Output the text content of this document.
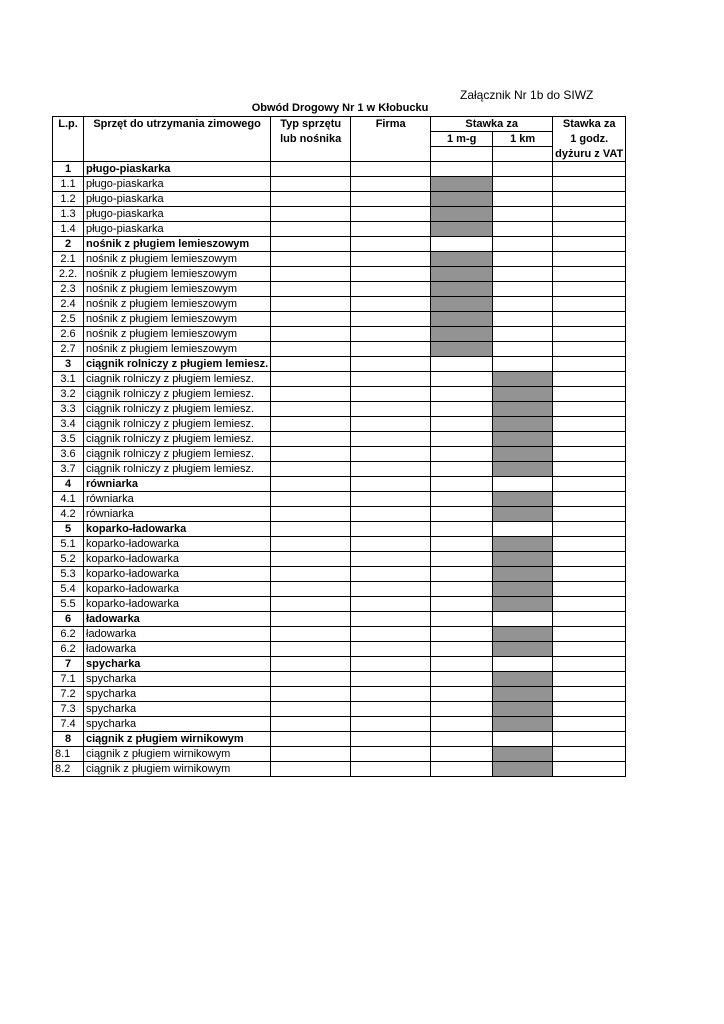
Załącznik Nr 1b do SIWZ
Obwód Drogowy Nr 1 w Kłobucku
L.p.	Sprzęt do utrzymania zimowego	Typ sprzętu	Firma	Stawka za		Stawka za
		lub nośnika		1 m-g	1 km	1 godz.
						dyżuru z VAT
1	pługo-piaskarka					
1.1	pługo-piaskarka					
1.2	pługo-piaskarka					
1.3	pługo-piaskarka					
1.4	pługo-piaskarka					
2	nośnik z pługiem lemieszowym					
2.1	nośnik z pługiem lemieszowym					
2.2.	nośnik z pługiem lemieszowym					
2.3	nośnik z pługiem lemieszowym					
2.4	nośnik z pługiem lemieszowym					
2.5	nośnik z pługiem lemieszowym					
2.6	nośnik z pługiem lemieszowym					
2.7	nośnik z pługiem lemieszowym					
3	ciągnik rolniczy z pługiem lemiesz.					
3.1	ciagnik rolniczy z pługiem lemiesz.					
3.2	ciągnik rolniczy z pługiem lemiesz.					
3.3	ciągnik rolniczy z pługiem lemiesz.					
3.4	ciągnik rolniczy z pługiem lemiesz.					
3.5	ciągnik rolniczy z pługiem lemiesz.					
3.6	ciągnik rolniczy z pługiem lemiesz.					
3.7	ciągnik rolniczy z pługiem lemiesz.					
4	równiarka					
4.1	równiarka					
4.2	równiarka					
5	koparko-ładowarka					
5.1	koparko-ładowarka					
5.2	koparko-ładowarka					
5.3	koparko-ładowarka					
5.4	koparko-ładowarka					
5.5	koparko-ładowarka					
6	ładowarka					
6.2	ładowarka					
6.2	ładowarka					
7	spycharka					
7.1	spycharka					
7.2	spycharka					
7.3	spycharka					
7.4	spycharka					
8	ciągnik z pługiem wirnikowym					
8.1	ciągnik z pługiem wirnikowym					
8.2	ciągnik z pługiem wirnikowym					
